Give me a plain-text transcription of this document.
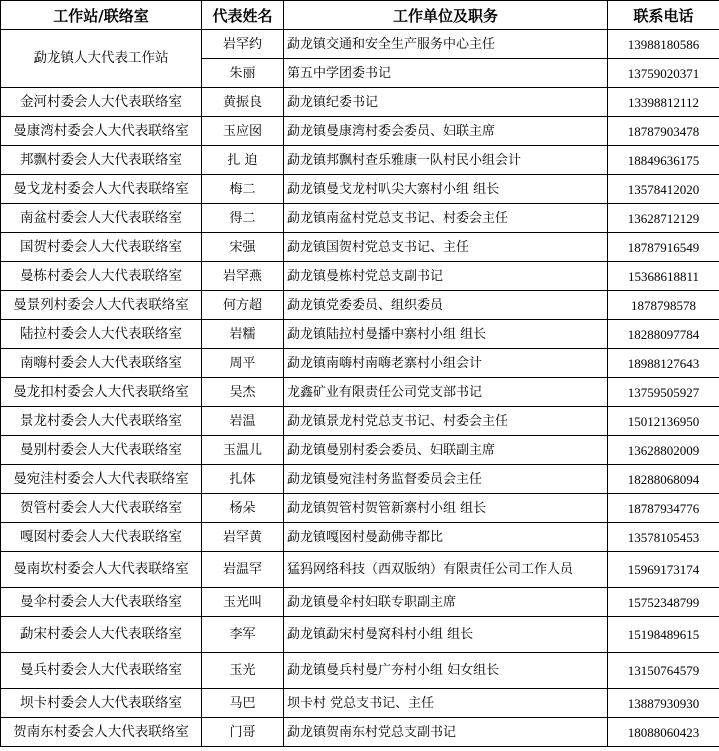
工作站/联络室	代表姓名	工作单位及职务	联系电话
勐龙镇人大代表工作站	岩罕约	勐龙镇交通和安全生产服务中心主任	13988180586
	朱丽	第五中学团委书记	13759020371
金河村委会人大代表联络室	黄振良	勐龙镇纪委书记	13398812112
曼康湾村委会人大代表联络室	玉应囡	勐龙镇曼康湾村委会委员、妇联主席	18787903478
邦飘村委会人大代表联络室	扎 迫	勐龙镇邦飘村查乐雅康一队村民小组会计	18849636175
曼戈龙村委会人大代表联络室	梅二	勐龙镇曼戈龙村叭尖大寨村小组 组长	13578412020
南盆村委会人大代表联络室	得二	勐龙镇南盆村党总支书记、村委会主任	13628712129
国贺村委会人大代表联络室	宋强	勐龙镇国贺村党总支书记、主任	18787916549
曼栋村委会人大代表联络室	岩罕燕	勐龙镇曼栋村党总支副书记	15368618811
曼景列村委会人大代表联络室	何方超	勐龙镇党委委员、组织委员	1878798578
陆拉村委会人大代表联络室	岩糯	勐龙镇陆拉村曼播中寨村小组 组长	18288097784
南嗨村委会人大代表联络室	周平	勐龙镇南嗨村南嗨老寨村小组会计	18988127643
曼龙扣村委会人大代表联络室	吴杰	龙鑫矿业有限责任公司党支部书记	13759505927
景龙村委会人大代表联络室	岩温	勐龙镇景龙村党总支书记、村委会主任	15012136950
曼别村委会人大代表联络室	玉温儿	勐龙镇曼别村委会委员、妇联副主席	13628802009
曼宛洼村委会人大代表联络室	扎体	勐龙镇曼宛洼村务监督委员会主任	18288068094
贺管村委会人大代表联络室	杨朵	勐龙镇贺管村贺管新寨村小组 组长	18787934776
嘎囡村委会人大代表联络室	岩罕黄	勐龙镇嘎囡村曼勐佛寺都比	13578105453
曼南坎村委会人大代表联络室	岩温罕	猛犸网络科技（西双版纳）有限责任公司工作人员	15969173174
曼伞村委会人大代表联络室	玉光叫	勐龙镇曼伞村妇联专职副主席	15752348799
勐宋村委会人大代表联络室	李军	勐龙镇勐宋村曼窝科村小组 组长	15198489615
曼兵村委会人大代表联络室	玉光	勐龙镇曼兵村曼广夯村小组 妇女组长	13150764579
坝卡村委会人大代表联络室	马巴	坝卡村 党总支书记、主任	13887930930
贺南东村委会人大代表联络室	门哥	勐龙镇贺南东村党总支副书记	18088060423
